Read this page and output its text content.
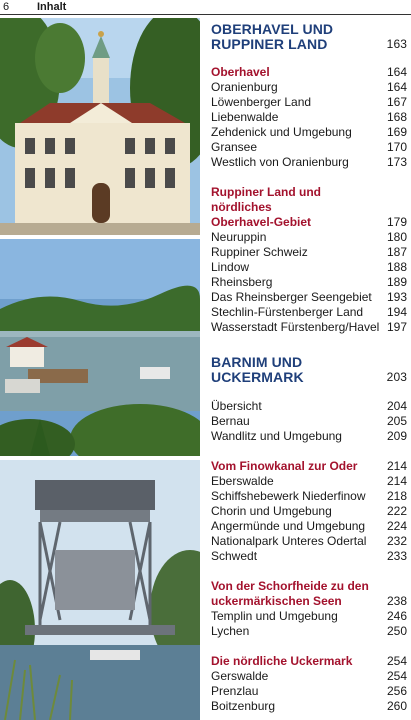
6	Inhalt
OBERHAVEL UND
RUPPINER LAND	163
Oberhavel	164
Oranienburg	164
Löwenberger Land	167
Liebenwalde	168
Zehdenick und Umgebung	169
Gransee	170
Westlich von Oranienburg	173
Ruppiner Land und nördliches
Oberhavel-Gebiet	179
Neuruppin	180
Ruppiner Schweiz	187
Lindow	188
Rheinsberg	189
Das Rheinsberger Seengebiet 193
Stechlin-Fürstenberger Land 194
Wasserstadt Fürstenberg/Havel 197
BARNIM UND
UCKERMARK	203
Übersicht	204
Bernau	205
Wandlitz und Umgebung	209
Vom Finowkanal zur Oder	214
Eberswalde	214
Schiffshebewerk Niederfinow 218
Chorin und Umgebung	222
Angermünde und Umgebung 224
Nationalpark Unteres Odertal 232
Schwedt	233
Von der Schorfheide zu den
uckermärkischen Seen	238
Templin und Umgebung	246
Lychen	250
Die nördliche Uckermark	254
Gerswalde	254
Prenzlau	256
Boitzenburg	260
